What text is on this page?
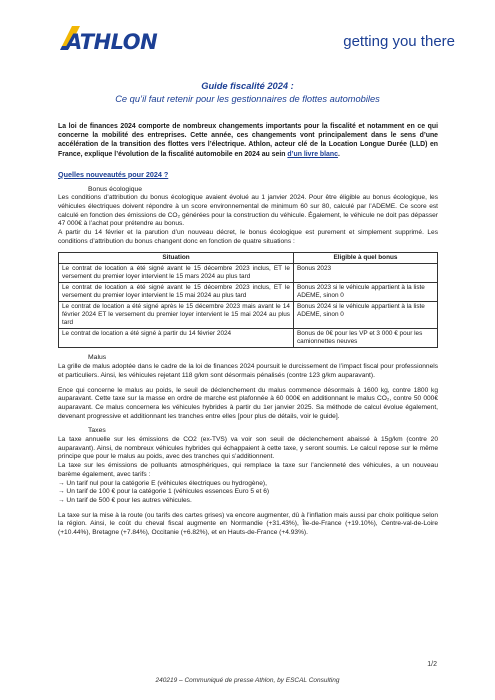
ATHLON	getting you there
Guide fiscalité 2024 :
Ce qu’il faut retenir pour les gestionnaires de flottes automobiles

La loi de finances 2024 comporte de nombreux changements importants pour la fiscalité et notamment en ce qui concerne la mobilité des entreprises. Cette année, ces changements vont principalement dans le sens d’une accélération de la transition des flottes vers l’électrique. Athlon, acteur clé de la Location Longue Durée (LLD) en France, explique l’évolution de la fiscalité automobile en 2024 au sein d’un livre blanc.

Quelles nouveautés pour 2024 ?
Bonus écologique

Les conditions d’attribution du bonus écologique avaient évolué au 1 janvier 2024. Pour être éligible au bonus écologique, les véhicules électriques doivent répondre à un score environnemental de minimum 60 sur 80, calculé par l’ADEME. Ce score est calculé en fonction des émissions de CO₂ générées pour la construction du véhicule. Également, le véhicule ne doit pas dépasser 47 000€ à l’achat pour prétendre au bonus.

A partir du 14 février et la parution d’un nouveau décret, le bonus écologique est purement et simplement supprimé. Les conditions d’attribution du bonus changent donc en fonction de quatre situations :

Situation	Eligible à quel bonus
Le contrat de location a été signé avant le 15 décembre 2023 inclus, ET le versement du premier loyer intervient le 15 mars 2024 au plus tard	Bonus 2023
Le contrat de location a été signé avant le 15 décembre 2023 inclus, ET le versement du premier loyer intervient le 15 mai 2024 au plus tard	Bonus 2023 si le véhicule appartient à la liste ADEME, sinon 0
Le contrat de location a été signé après le 15 décembre 2023 mais avant le 14 février 2024 ET le versement du premier loyer intervient le 15 mai 2024 au plus tard	Bonus 2024 si le véhicule appartient à la liste ADEME, sinon 0
Le contrat de location a été signé à partir du 14 février 2024	Bonus de 0€ pour les VP et 3 000 € pour les camionnettes neuves
Malus

La grille de malus adoptée dans le cadre de la loi de finances 2024 poursuit le durcissement de l’impact fiscal pour professionnels et particuliers. Ainsi, les véhicules rejetant 118 g/km sont désormais pénalisés (contre 123 g/km auparavant).

Ence qui concerne le malus au poids, le seuil de déclenchement du malus commence désormais à 1600 kg, contre 1800 kg auparavant. Cette taxe sur la masse en ordre de marche est plafonnée à 60 000€ en additionnant le malus CO₂, contre 50 000€ auparavant. Ce malus concernera les véhicules hybrides à partir du 1er janvier 2025. Sa méthode de calcul évolue également, devenant progressive et additionnant les tranches entre elles [pour plus de détails, voir le guide].

Taxes

La taxe annuelle sur les émissions de CO2 (ex-TVS) va voir son seuil de déclenchement abaissé à 15g/km (contre 20 auparavant). Ainsi, de nombreux véhicules hybrides qui échappaient à cette taxe, y seront soumis. Le calcul repose sur le même principe que pour le malus au poids, avec des tranches qui s’additionnent.

La taxe sur les émissions de polluants atmosphériques, qui remplace la taxe sur l’ancienneté des véhicules, a un nouveau barème également, avec tarifs :

→ Un tarif nul pour la catégorie E (véhicules électriques ou hydrogène),
→ Un tarif de 100 € pour la catégorie 1 (véhicules essences Euro 5 et 6)
→ Un tarif de 500 € pour les autres véhicules.

La taxe sur la mise à la route (ou tarifs des cartes grises) va encore augmenter, dû à l’inflation mais aussi par choix politique selon la région. Ainsi, le coût du cheval fiscal augmente en Normandie (+31.43%), Île-de-France (+19.10%), Centre-val-de-Loire (+10.44%), Bretagne (+7.84%), Occitanie (+6.82%), et en Hauts-de-France (+4.93%).

1/2
240219 – Communiqué de presse Athlon, by ESCAL Consulting
